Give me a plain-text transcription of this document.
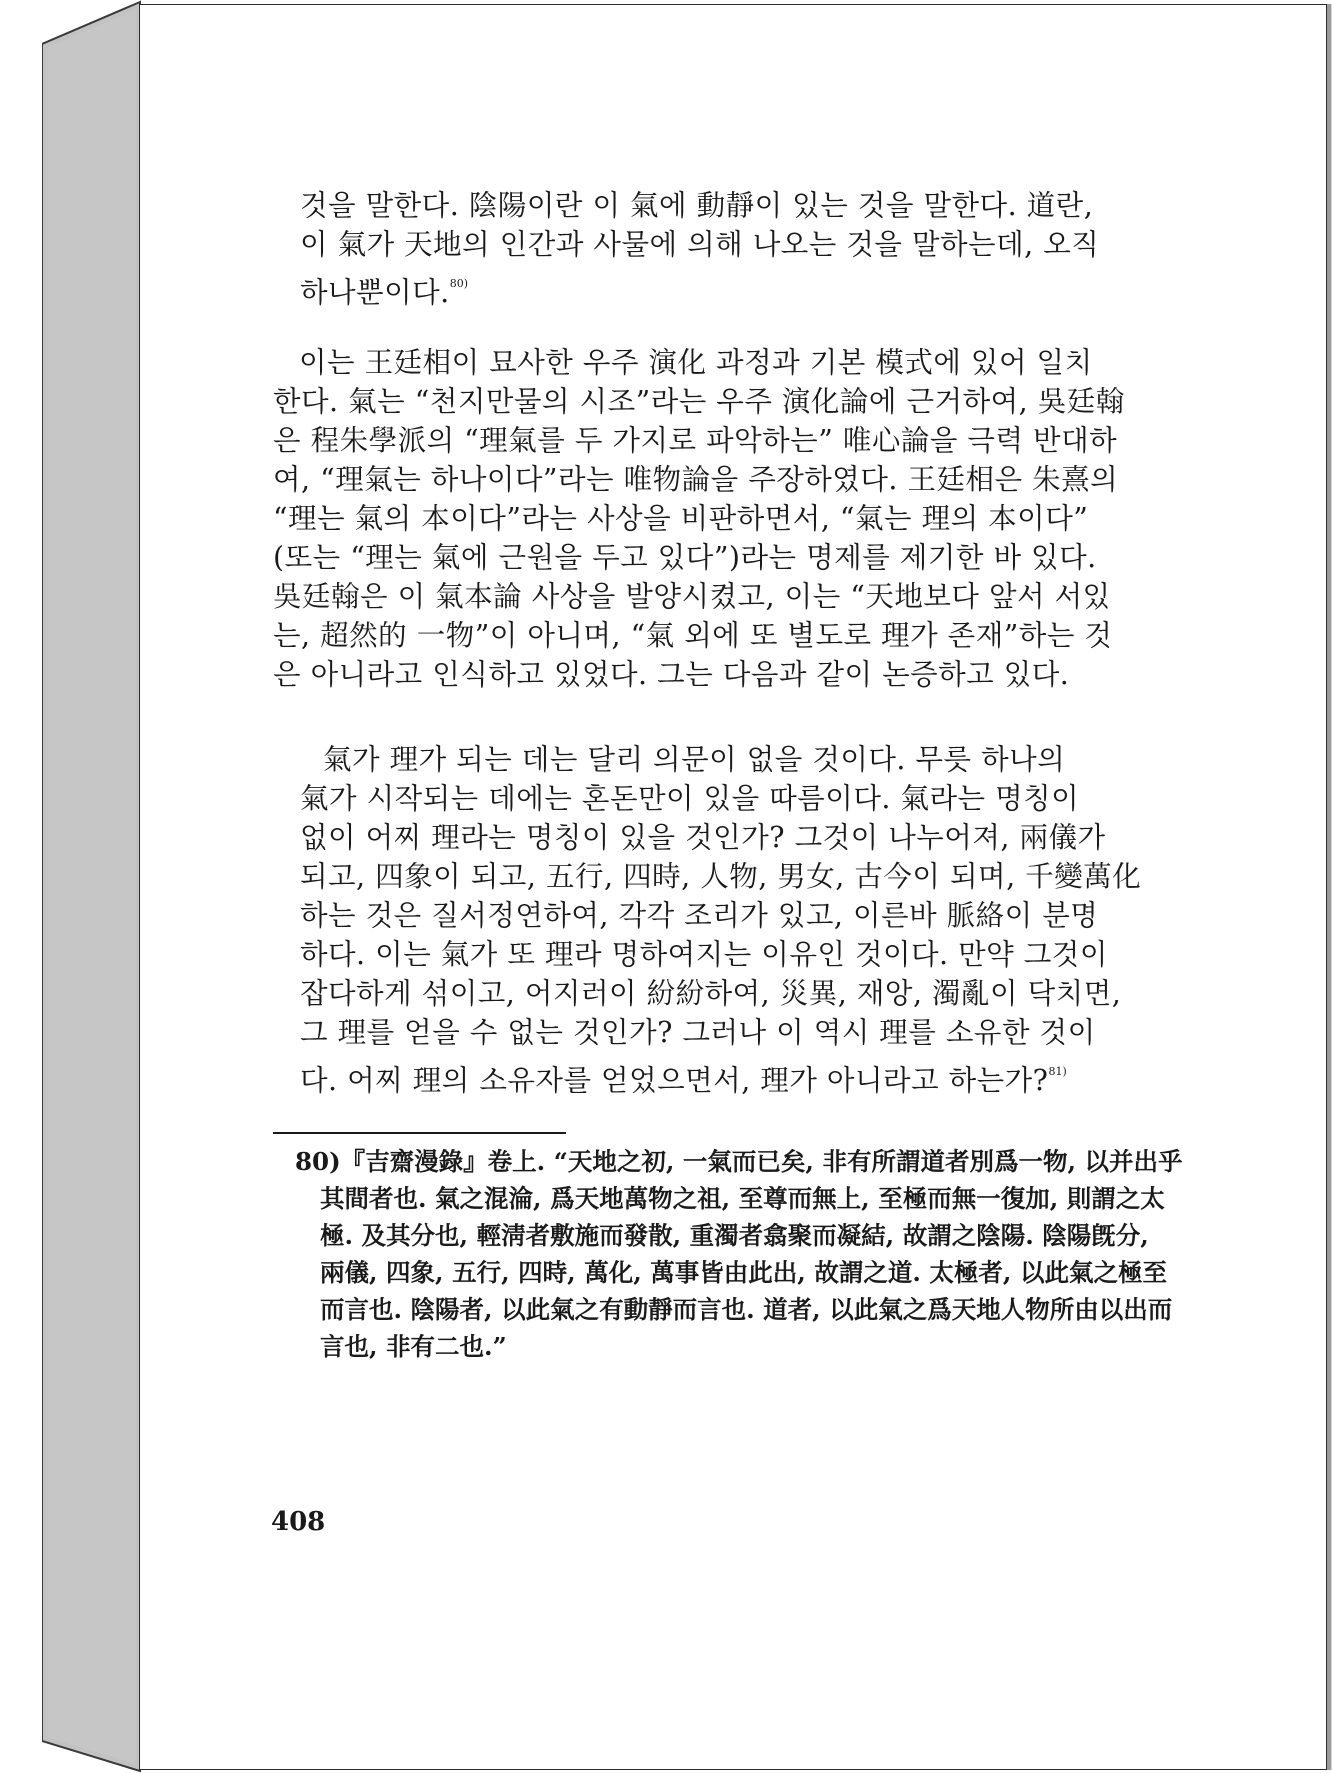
것을 말한다. 陰陽이란 이 氣에 動靜이 있는 것을 말한다. 道란,
이 氣가 天地의 인간과 사물에 의해 나오는 것을 말하는데, 오직
하나뿐이다.$^{80)}$
이는 王廷相이 묘사한 우주 演化 과정과 기본 模式에 있어 일치
한다. 氣는 “천지만물의 시조”라는 우주 演化論에 근거하여, 吳廷翰
은 程朱學派의 “理氣를 두 가지로 파악하는” 唯心論을 극력 반대하
여, “理氣는 하나이다”라는 唯物論을 주장하였다. 王廷相은 朱熹의
“理는 氣의 本이다”라는 사상을 비판하면서, “氣는 理의 本이다”
(또는 “理는 氣에 근원을 두고 있다”)라는 명제를 제기한 바 있다.
吳廷翰은 이 氣本論 사상을 발양시켰고, 이는 “天地보다 앞서 서있
는, 超然的 一物”이 아니며, “氣 외에 또 별도로 理가 존재”하는 것
은 아니라고 인식하고 있었다. 그는 다음과 같이 논증하고 있다.
氣가 理가 되는 데는 달리 의문이 없을 것이다. 무릇 하나의
氣가 시작되는 데에는 혼돈만이 있을 따름이다. 氣라는 명칭이
없이 어찌 理라는 명칭이 있을 것인가? 그것이 나누어져, 兩儀가
되고, 四象이 되고, 五行, 四時, 人物, 男女, 古今이 되며, 千變萬化
하는 것은 질서정연하여, 각각 조리가 있고, 이른바 脈絡이 분명
하다. 이는 氣가 또 理라 명하여지는 이유인 것이다. 만약 그것이
잡다하게 섞이고, 어지러이 紛紛하여, 災異, 재앙, 濁亂이 닥치면,
그 理를 얻을 수 없는 것인가? 그러나 이 역시 理를 소유한 것이
다. 어찌 理의 소유자를 얻었으면서, 理가 아니라고 하는가?$^{81)}$
80)『吉齋漫錄』卷上. “天地之初, 一氣而已矣, 非有所謂道者別爲一物, 以并出乎
其間者也. 氣之混淪, 爲天地萬物之祖, 至尊而無上, 至極而無一復加, 則謂之太
極. 及其分也, 輕淸者敷施而發散, 重濁者翕聚而凝結, 故謂之陰陽. 陰陽旣分,
兩儀, 四象, 五行, 四時, 萬化, 萬事皆由此出, 故謂之道. 太極者, 以此氣之極至
而言也. 陰陽者, 以此氣之有動靜而言也. 道者, 以此氣之爲天地人物所由以出而
言也, 非有二也.”
408
